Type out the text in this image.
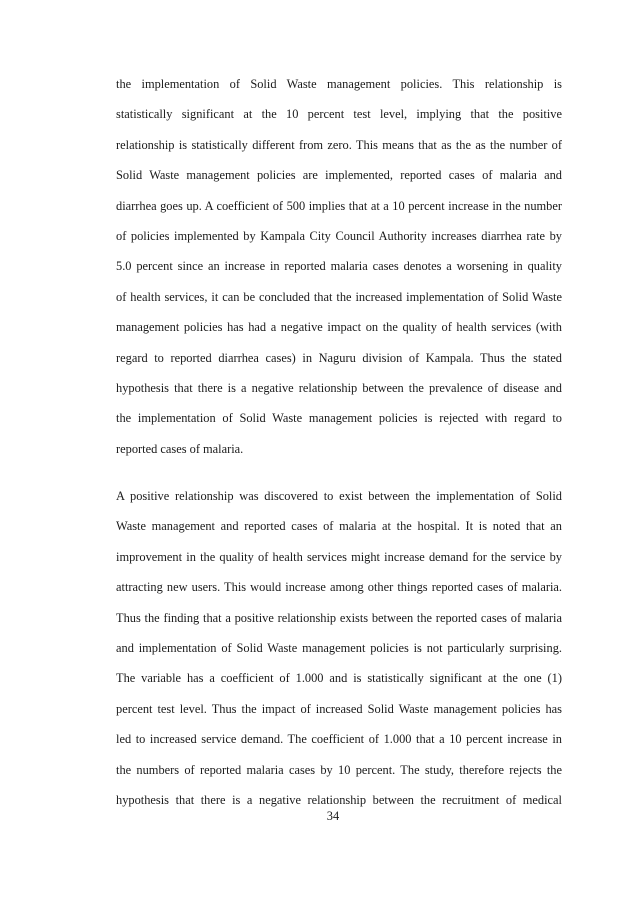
the implementation of Solid Waste management policies. This relationship is
statistically significant at the 10 percent test level, implying that the positive
relationship is statistically different from zero. This means that as the as the number of
Solid Waste management policies are implemented, reported cases of malaria and
diarrhea goes up. A coefficient of 500 implies that at a 10 percent increase in the number
of policies implemented by Kampala City Council Authority increases diarrhea rate by
5.0 percent since an increase in reported malaria cases denotes a worsening in quality
of health services, it can be concluded that the increased implementation of Solid Waste
management policies has had a negative impact on the quality of health services (with
regard to reported diarrhea cases) in Naguru division of Kampala. Thus the stated
hypothesis that there is a negative relationship between the prevalence of disease and
the implementation of Solid Waste management policies is rejected with regard to
reported cases of malaria.
A positive relationship was discovered to exist between the implementation of Solid
Waste management and reported cases of malaria at the hospital. It is noted that an
improvement in the quality of health services might increase demand for the service by
attracting new users. This would increase among other things reported cases of malaria.
Thus the finding that a positive relationship exists between the reported cases of malaria
and implementation of Solid Waste management policies is not particularly surprising.
The variable has a coefficient of 1.000 and is statistically significant at the one (1)
percent test level. Thus the impact of increased Solid Waste management policies has
led to increased service demand. The coefficient of 1.000 that a 10 percent increase in
the numbers of reported malaria cases by 10 percent. The study, therefore rejects the
hypothesis that there is a negative relationship between the recruitment of medical
34
